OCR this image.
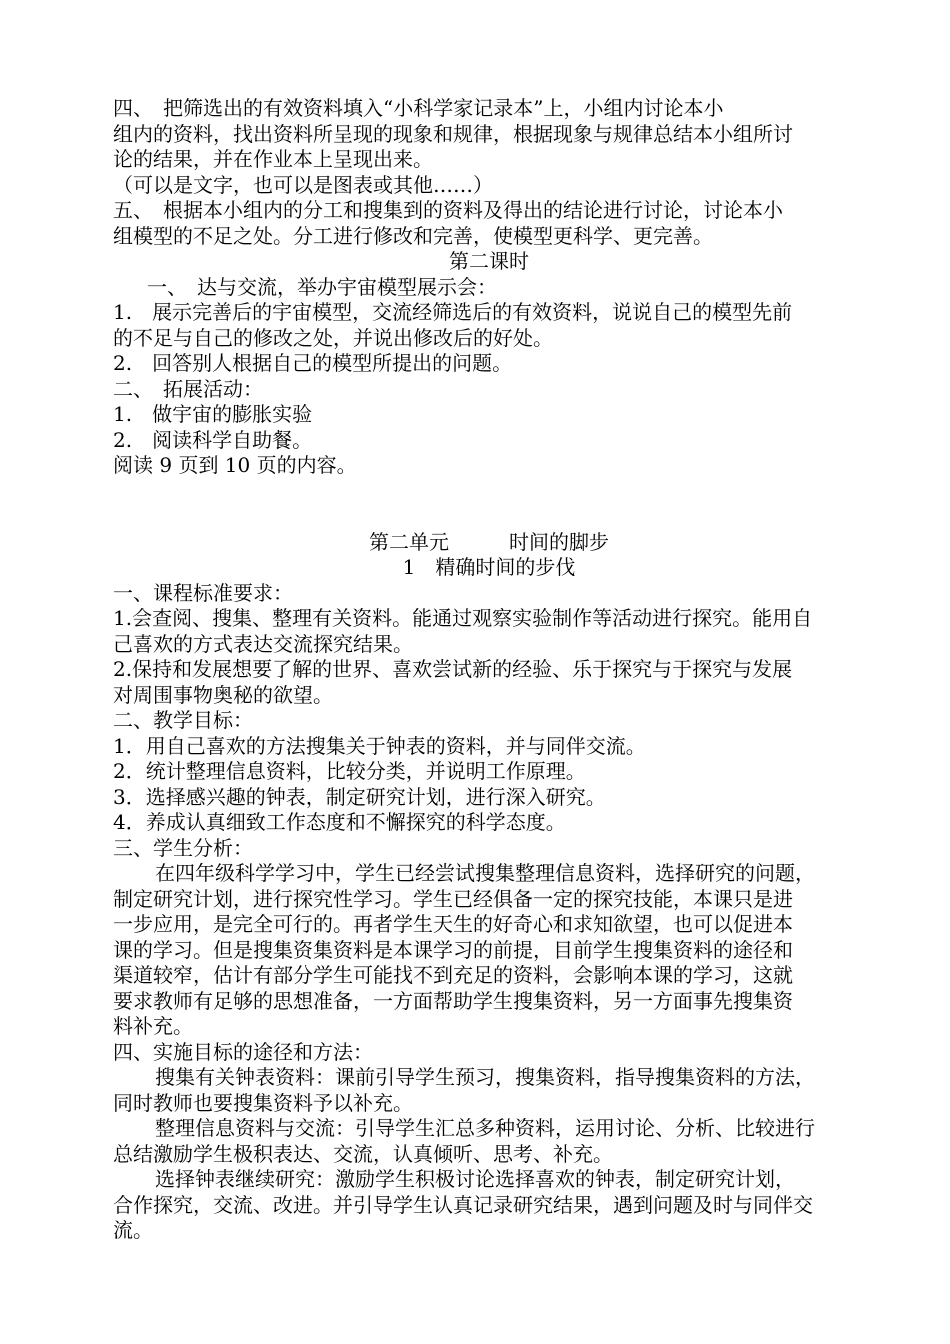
四、　把筛选出的有效资料填入“小科学家记录本”上，小组内讨论本小
组内的资料，找出资料所呈现的现象和规律，根据现象与规律总结本小组所讨
论的结果，并在作业本上呈现出来。
（可以是文字，也可以是图表或其他……）
五、　根据本小组内的分工和搜集到的资料及得出的结论进行讨论，讨论本小
组模型的不足之处。分工进行修改和完善，使模型更科学、更完善。
第二课时
一、　达与交流，举办宇宙模型展示会：
1.　展示完善后的宇宙模型，交流经筛选后的有效资料，说说自己的模型先前
的不足与自己的修改之处，并说出修改后的好处。
2.　回答别人根据自己的模型所提出的问题。
二、　拓展活动：
1.　做宇宙的膨胀实验
2.　阅读科学自助餐。
阅读 9 页到 10 页的内容。
第二单元　　　时间的脚步
1　精确时间的步伐
一、课程标准要求：
1.会查阅、搜集、整理有关资料。能通过观察实验制作等活动进行探究。能用自
己喜欢的方式表达交流探究结果。
2.保持和发展想要了解的世界、喜欢尝试新的经验、乐于探究与于探究与发展
对周围事物奥秘的欲望。
二、教学目标：
1．用自己喜欢的方法搜集关于钟表的资料，并与同伴交流。
2．统计整理信息资料，比较分类，并说明工作原理。
3．选择感兴趣的钟表，制定研究计划，进行深入研究。
4．养成认真细致工作态度和不懈探究的科学态度。
三、学生分析：
在四年级科学学习中，学生已经尝试搜集整理信息资料，选择研究的问题，
制定研究计划，进行探究性学习。学生已经俱备一定的探究技能，本课只是进
一步应用，是完全可行的。再者学生天生的好奇心和求知欲望，也可以促进本
课的学习。但是搜集资集资料是本课学习的前提，目前学生搜集资料的途径和
渠道较窄，估计有部分学生可能找不到充足的资料，会影响本课的学习，这就
要求教师有足够的思想准备，一方面帮助学生搜集资料，另一方面事先搜集资
料补充。
四、实施目标的途径和方法：
搜集有关钟表资料：课前引导学生预习，搜集资料，指导搜集资料的方法，
同时教师也要搜集资料予以补充。
整理信息资料与交流：引导学生汇总多种资料，运用讨论、分析、比较进行
总结激励学生极积表达、交流，认真倾听、思考、补充。
选择钟表继续研究：激励学生积极讨论选择喜欢的钟表，制定研究计划，
合作探究，交流、改进。并引导学生认真记录研究结果，遇到问题及时与同伴交
流。
